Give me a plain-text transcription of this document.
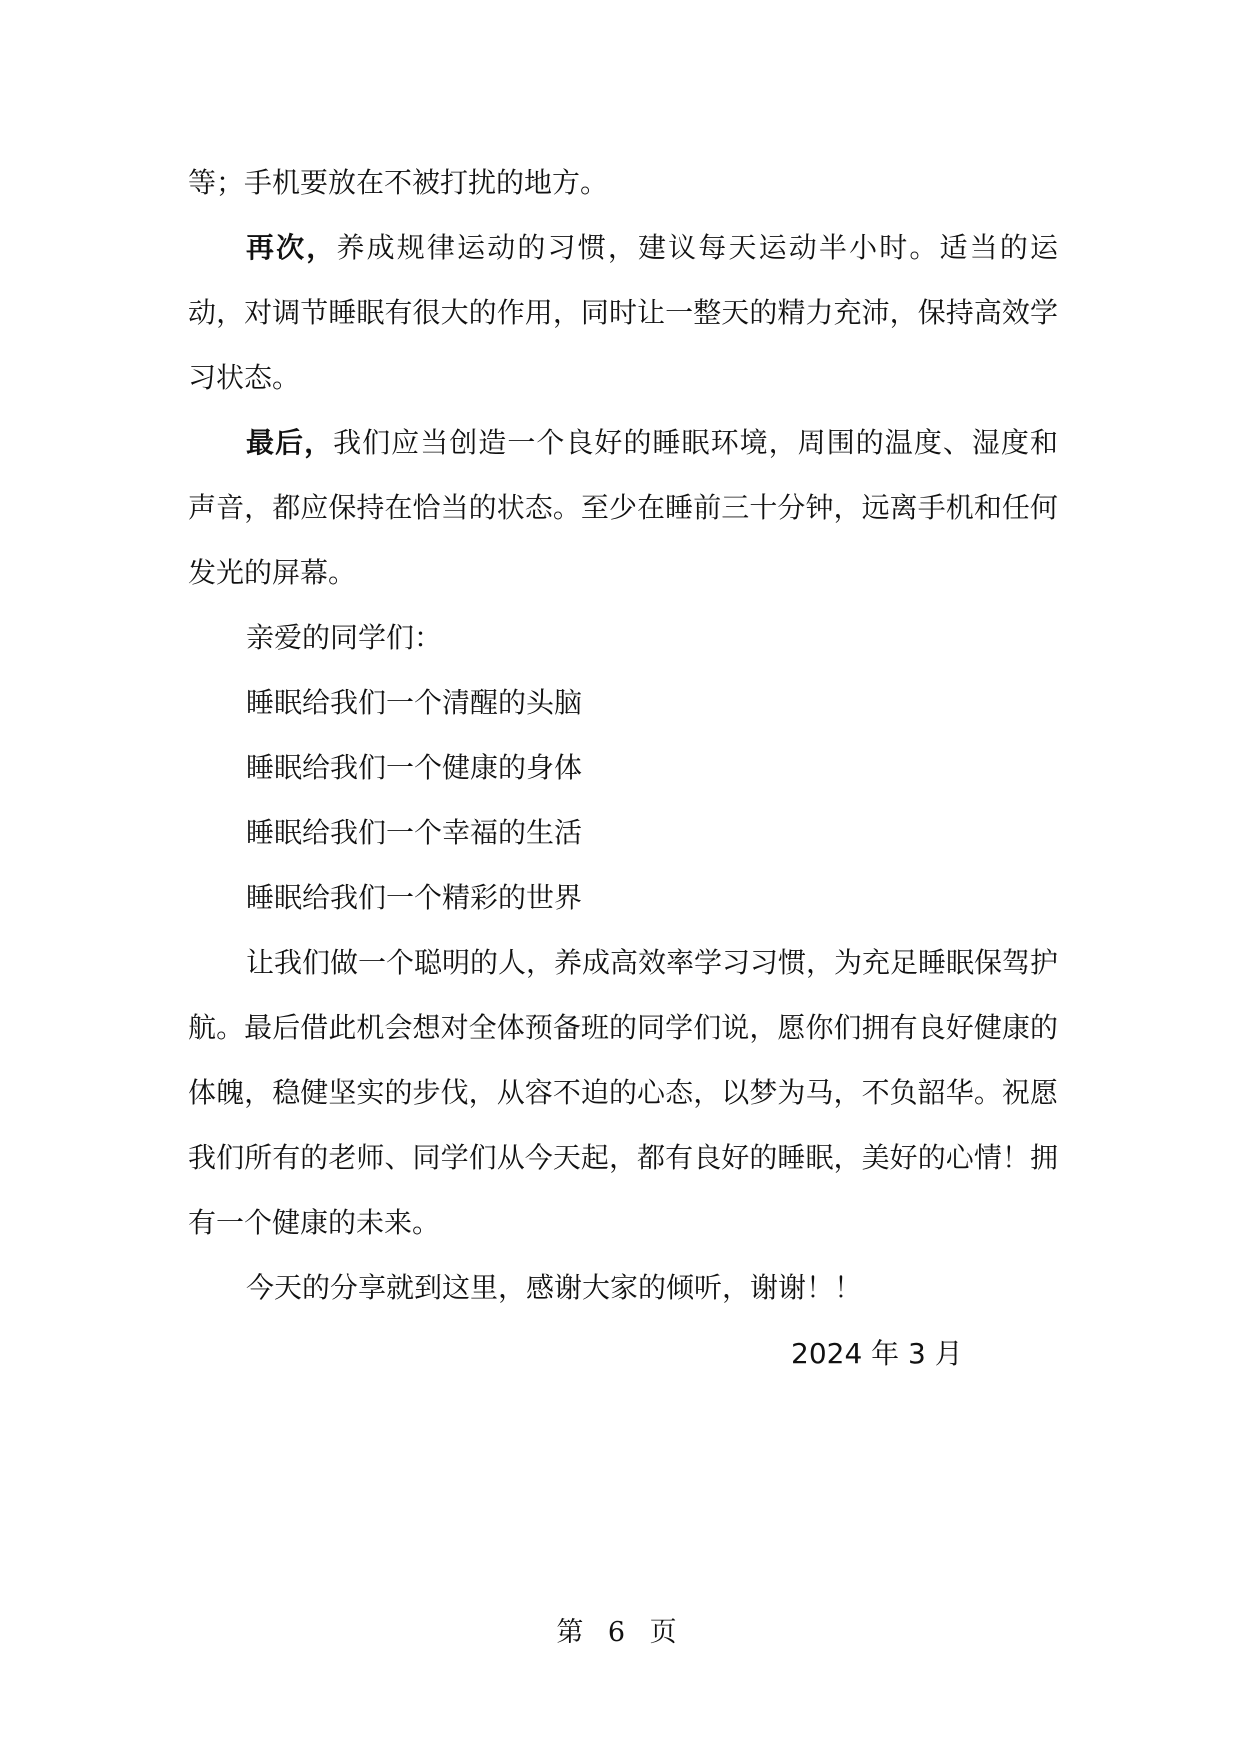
等；手机要放在不被打扰的地方。

再次，养成规律运动的习惯，建议每天运动半小时。适当的运动，对调节睡眠有很大的作用，同时让一整天的精力充沛，保持高效学习状态。

最后，我们应当创造一个良好的睡眠环境，周围的温度、湿度和声音，都应保持在恰当的状态。至少在睡前三十分钟，远离手机和任何发光的屏幕。

亲爱的同学们：

睡眠给我们一个清醒的头脑

睡眠给我们一个健康的身体

睡眠给我们一个幸福的生活

睡眠给我们一个精彩的世界

让我们做一个聪明的人，养成高效率学习习惯，为充足睡眠保驾护航。最后借此机会想对全体预备班的同学们说，愿你们拥有良好健康的体魄，稳健坚实的步伐，从容不迫的心态，以梦为马，不负韶华。祝愿我们所有的老师、同学们从今天起，都有良好的睡眠，美好的心情！拥有一个健康的未来。

今天的分享就到这里，感谢大家的倾听，谢谢！！

2024 年 3 月
第 6 页
